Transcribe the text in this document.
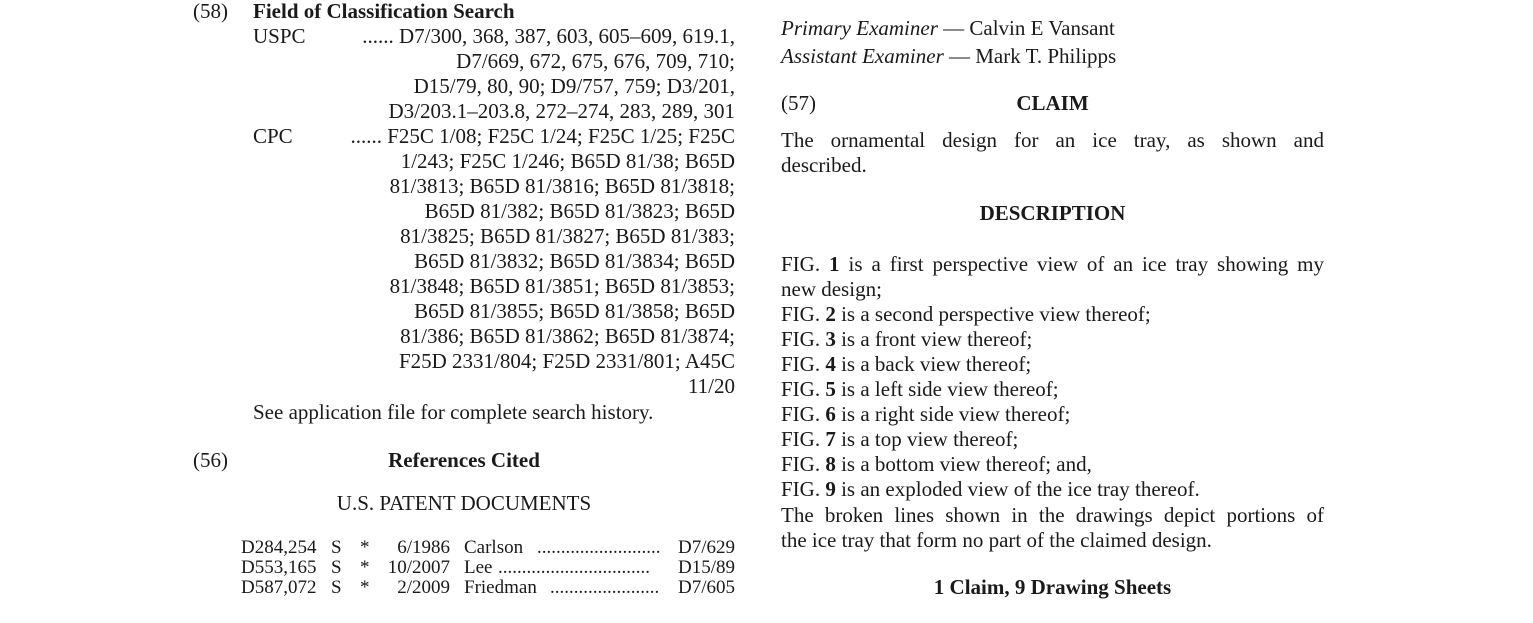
(58) Field of Classification Search
USPC	...... D7/300, 368, 387, 603, 605–609, 619.1,
D7/669, 672, 675, 676, 709, 710;
D15/79, 80, 90; D9/757, 759; D3/201,
D3/203.1–203.8, 272–274, 283, 289, 301
CPC	...... F25C 1/08; F25C 1/24; F25C 1/25; F25C
1/243; F25C 1/246; B65D 81/38; B65D
81/3813; B65D 81/3816; B65D 81/3818;
B65D 81/382; B65D 81/3823; B65D
81/3825; B65D 81/3827; B65D 81/383;
B65D 81/3832; B65D 81/3834; B65D
81/3848; B65D 81/3851; B65D 81/3853;
B65D 81/3855; B65D 81/3858; B65D
81/386; B65D 81/3862; B65D 81/3874;
F25D 2331/804; F25D 2331/801; A45C
11/20
See application file for complete search history.
(56)	References Cited
U.S. PATENT DOCUMENTS
D284,254 S * 6/1986 Carlson .......................... D7/629
D553,165 S * 10/2007 Lee ................................ D15/89
D587,072 S * 2/2009 Friedman ....................... D7/605
Primary Examiner — Calvin E Vansant
Assistant Examiner — Mark T. Philipps
(57)	CLAIM
The ornamental design for an ice tray, as shown and
described.
DESCRIPTION
FIG. 1 is a first perspective view of an ice tray showing my
new design;
FIG. 2 is a second perspective view thereof;
FIG. 3 is a front view thereof;
FIG. 4 is a back view thereof;
FIG. 5 is a left side view thereof;
FIG. 6 is a right side view thereof;
FIG. 7 is a top view thereof;
FIG. 8 is a bottom view thereof; and,
FIG. 9 is an exploded view of the ice tray thereof.
The broken lines shown in the drawings depict portions of
the ice tray that form no part of the claimed design.
1 Claim, 9 Drawing Sheets
